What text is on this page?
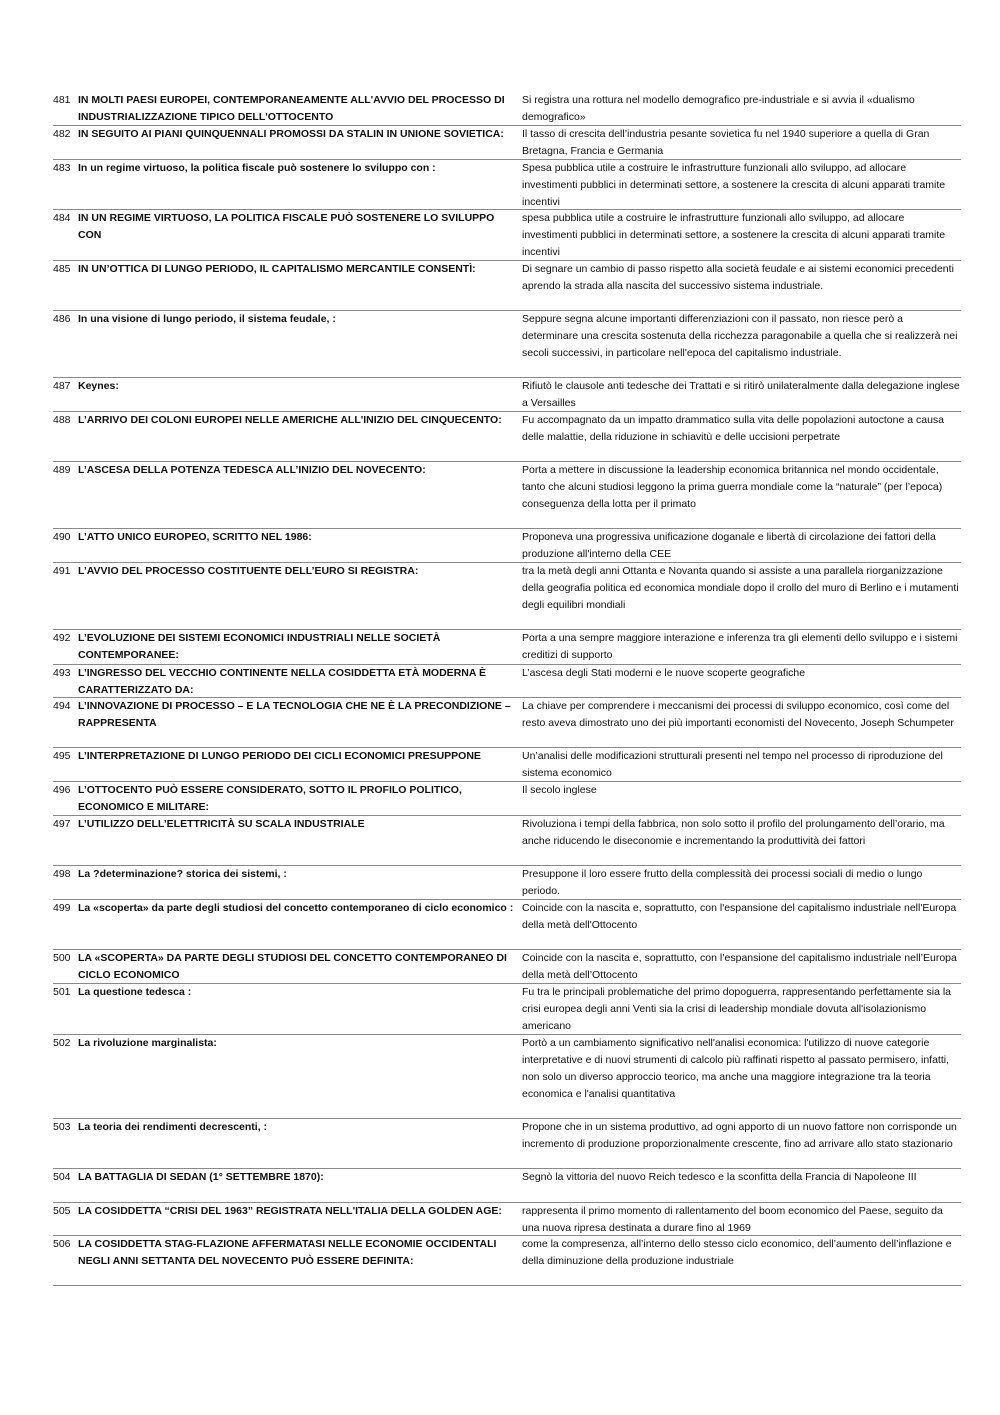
481 IN MOLTI PAESI EUROPEI, CONTEMPORANEAMENTE ALL'AVVIO DEL PROCESSO DI INDUSTRIALIZZAZIONE TIPICO DELL'OTTOCENTO
Si registra una rottura nel modello demografico pre-industriale e si avvia il «dualismo demografico»
482 IN SEGUITO AI PIANI QUINQUENNALI PROMOSSI DA STALIN IN UNIONE SOVIETICA:	Il tasso di crescita dell’industria pesante sovietica fu nel 1940 superiore a quella di Gran Bretagna, Francia e Germania
483 In un regime virtuoso, la politica fiscale può sostenere lo sviluppo con :	Spesa pubblica utile a costruire le infrastrutture funzionali allo sviluppo, ad allocare investimenti pubblici in determinati settore, a sostenere la crescita di alcuni apparati tramite incentivi
484 IN UN REGIME VIRTUOSO, LA POLITICA FISCALE PUÒ SOSTENERE LO SVILUPPO CON
spesa pubblica utile a costruire le infrastrutture funzionali allo sviluppo, ad allocare investimenti pubblici in determinati settore, a sostenere la crescita di alcuni apparati tramite incentivi
485 IN UN’OTTICA DI LUNGO PERIODO, IL CAPITALISMO MERCANTILE CONSENTÌ:	Di segnare un cambio di passo rispetto alla società feudale e ai sistemi economici precedenti aprendo la strada alla nascita del successivo sistema industriale.
486 In una visione di lungo periodo, il sistema feudale, :	Seppure segna alcune importanti differenziazioni con il passato, non riesce però a determinare una crescita sostenuta della ricchezza paragonabile a quella che si realizzerà nei secoli successivi, in particolare nell'epoca del capitalismo industriale.
487 Keynes:	Rifiutò le clausole anti tedesche dei Trattati e si ritirò unilateralmente dalla delegazione inglese a Versailles
488 L’ARRIVO DEI COLONI EUROPEI NELLE AMERICHE ALL'INIZIO DEL CINQUECENTO:	Fu accompagnato da un impatto drammatico sulla vita delle popolazioni autoctone a causa delle malattie, della riduzione in schiavitù e delle uccisioni perpetrate
489 L’ASCESA DELLA POTENZA TEDESCA ALL’INIZIO DEL NOVECENTO:	Porta a mettere in discussione la leadership economica britannica nel mondo occidentale, tanto che alcuni studiosi leggono la prima guerra mondiale come la “naturale” (per l’epoca) conseguenza della lotta per il primato
490 L’ATTO UNICO EUROPEO, SCRITTO NEL 1986:	Proponeva una progressiva unificazione doganale e libertà di circolazione dei fattori della produzione all'interno della CEE
491 L’AVVIO DEL PROCESSO COSTITUENTE DELL’EURO SI REGISTRA:	tra la metà degli anni Ottanta e Novanta quando si assiste a una parallela riorganizzazione della geografia politica ed economica mondiale dopo il crollo del muro di Berlino e i mutamenti degli equilibri mondiali
492 L’EVOLUZIONE DEI SISTEMI ECONOMICI INDUSTRIALI NELLE SOCIETÀ CONTEMPORANEE:
Porta a una sempre maggiore interazione e inferenza tra gli elementi dello sviluppo e i sistemi creditizi di supporto
493 L’INGRESSO DEL VECCHIO CONTINENTE NELLA COSIDDETTA ETÀ MODERNA È CARATTERIZZATO DA:
L’ascesa degli Stati moderni e le nuove scoperte geografiche
494 L’INNOVAZIONE DI PROCESSO – E LA TECNOLOGIA CHE NE È LA PRECONDIZIONE – RAPPRESENTA
La chiave per comprendere i meccanismi dei processi di sviluppo economico, così come del resto aveva dimostrato uno dei più importanti economisti del Novecento, Joseph Schumpeter
495 L’INTERPRETAZIONE DI LUNGO PERIODO DEI CICLI ECONOMICI PRESUPPONE	Un’analisi delle modificazioni strutturali presenti nel tempo nel processo di riproduzione del sistema economico
496 L’OTTOCENTO PUÒ ESSERE CONSIDERATO, SOTTO IL PROFILO POLITICO, ECONOMICO E MILITARE:
Il secolo inglese
497 L’UTILIZZO DELL’ELETTRICITÀ SU SCALA INDUSTRIALE	Rivoluziona i tempi della fabbrica, non solo sotto il profilo del prolungamento dell’orario, ma anche riducendo le diseconomie e incrementando la produttività dei fattori
498 La ?determinazione? storica dei sistemi, :	Presuppone il loro essere frutto della complessità dei processi sociali di medio o lungo periodo.
499 La «scoperta» da parte degli studiosi del concetto contemporaneo di ciclo economico : Coincide con la nascita e, soprattutto, con l'espansione del capitalismo industriale nell'Europa della metà dell'Ottocento
500 LA «SCOPERTA» DA PARTE DEGLI STUDIOSI DEL CONCETTO CONTEMPORANEO DI CICLO ECONOMICO
Coincide con la nascita e, soprattutto, con l’espansione del capitalismo industriale nell’Europa della metà dell’Ottocento
501 La questione tedesca :	Fu tra le principali problematiche del primo dopoguerra, rappresentando perfettamente sia la crisi europea degli anni Venti sia la crisi di leadership mondiale dovuta all'isolazionismo americano
502 La rivoluzione marginalista:	Portò a un cambiamento significativo nell'analisi economica: l'utilizzo di nuove categorie interpretative e di nuovi strumenti di calcolo più raffinati rispetto al passato permisero, infatti, non solo un diverso approccio teorico, ma anche una maggiore integrazione tra la teoria economica e l'analisi quantitativa
503 La teoria dei rendimenti decrescenti, :	Propone che in un sistema produttivo, ad ogni apporto di un nuovo fattore non corrisponde un incremento di produzione proporzionalmente crescente, fino ad arrivare allo stato stazionario
504 LA BATTAGLIA DI SEDAN (1° SETTEMBRE 1870):	Segnò la vittoria del nuovo Reich tedesco e la sconfitta della Francia di Napoleone III
505 LA COSIDDETTA “CRISI DEL 1963” REGISTRATA NELL'ITALIA DELLA GOLDEN AGE:	rappresenta il primo momento di rallentamento del boom economico del Paese, seguito da una nuova ripresa destinata a durare fino al 1969
506 LA COSIDDETTA STAG-FLAZIONE AFFERMATASI NELLE ECONOMIE OCCIDENTALI NEGLI ANNI SETTANTA DEL NOVECENTO PUÒ ESSERE DEFINITA:
come la compresenza, all’interno dello stesso ciclo economico, dell’aumento dell’inflazione e della diminuzione della produzione industriale
